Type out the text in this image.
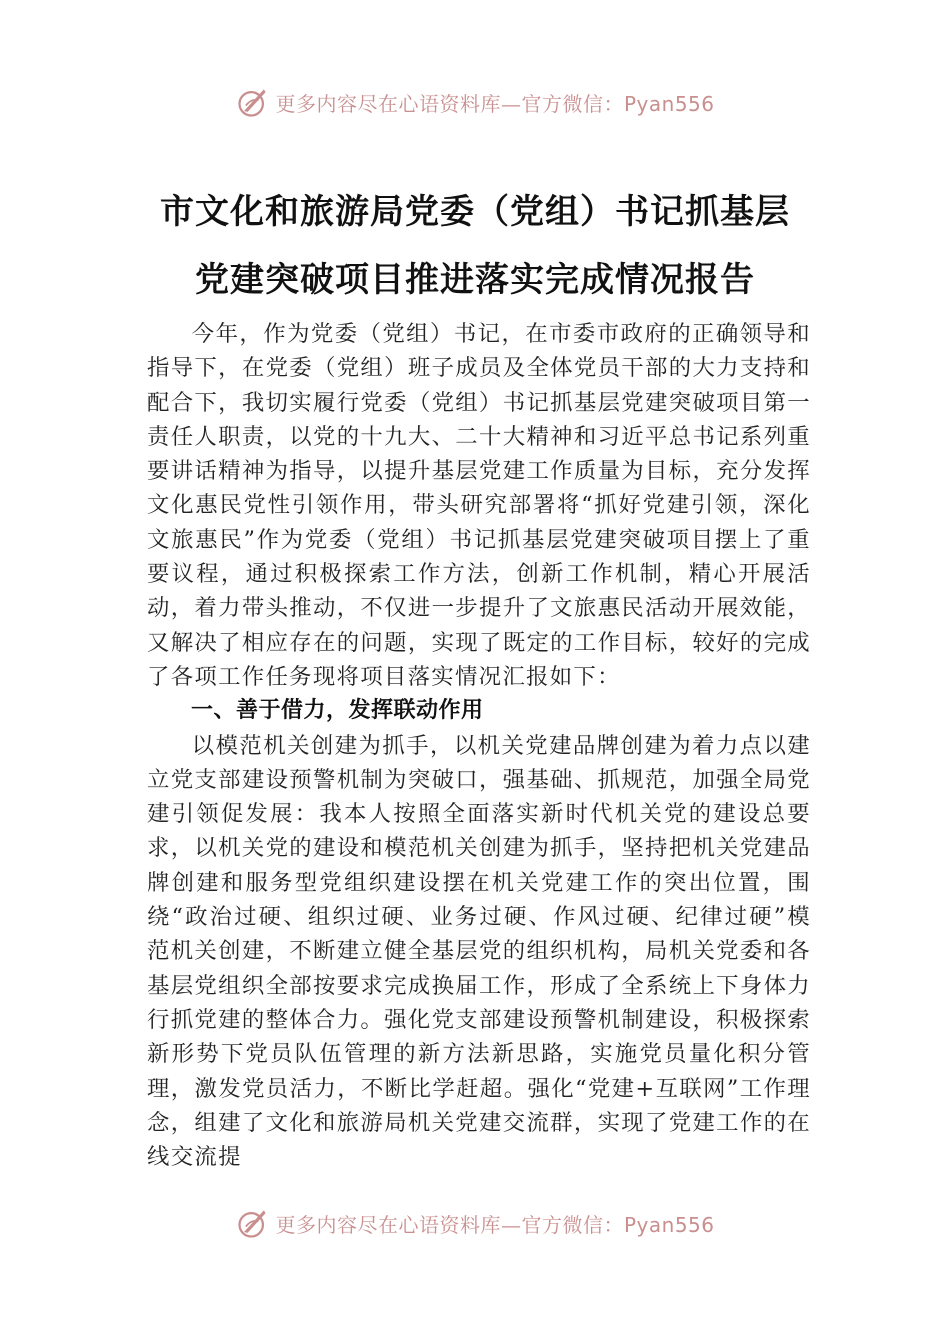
更多内容尽在心语资料库—官方微信：Pyan556
市文化和旅游局党委（党组）书记抓基层
党建突破项目推进落实完成情况报告

今年，作为党委（党组）书记，在市委市政府的正确领导和指导下，在党委（党组）班子成员及全体党员干部的大力支持和配合下，我切实履行党委（党组）书记抓基层党建突破项目第一责任人职责，以党的十九大、二十大精神和习近平总书记系列重要讲话精神为指导，以提升基层党建工作质量为目标，充分发挥文化惠民党性引领作用，带头研究部署将“抓好党建引领，深化文旅惠民”作为党委（党组）书记抓基层党建突破项目摆上了重要议程，通过积极探索工作方法，创新工作机制，精心开展活动，着力带头推动，不仅进一步提升了文旅惠民活动开展效能，又解决了相应存在的问题，实现了既定的工作目标，较好的完成了各项工作任务现将项目落实情况汇报如下：

一、善于借力，发挥联动作用

以模范机关创建为抓手，以机关党建品牌创建为着力点以建立党支部建设预警机制为突破口，强基础、抓规范，加强全局党建引领促发展：我本人按照全面落实新时代机关党的建设总要求，以机关党的建设和模范机关创建为抓手，坚持把机关党建品牌创建和服务型党组织建设摆在机关党建工作的突出位置，围绕“政治过硬、组织过硬、业务过硬、作风过硬、纪律过硬”模范机关创建，不断建立健全基层党的组织机构，局机关党委和各基层党组织全部按要求完成换届工作，形成了全系统上下身体力行抓党建的整体合力。强化党支部建设预警机制建设，积极探索新形势下党员队伍管理的新方法新思路，实施党员量化积分管理，激发党员活力，不断比学赶超。强化“党建+互联网”工作理念，组建了文化和旅游局机关党建交流群，实现了党建工作的在线交流提

更多内容尽在心语资料库—官方微信：Pyan556
